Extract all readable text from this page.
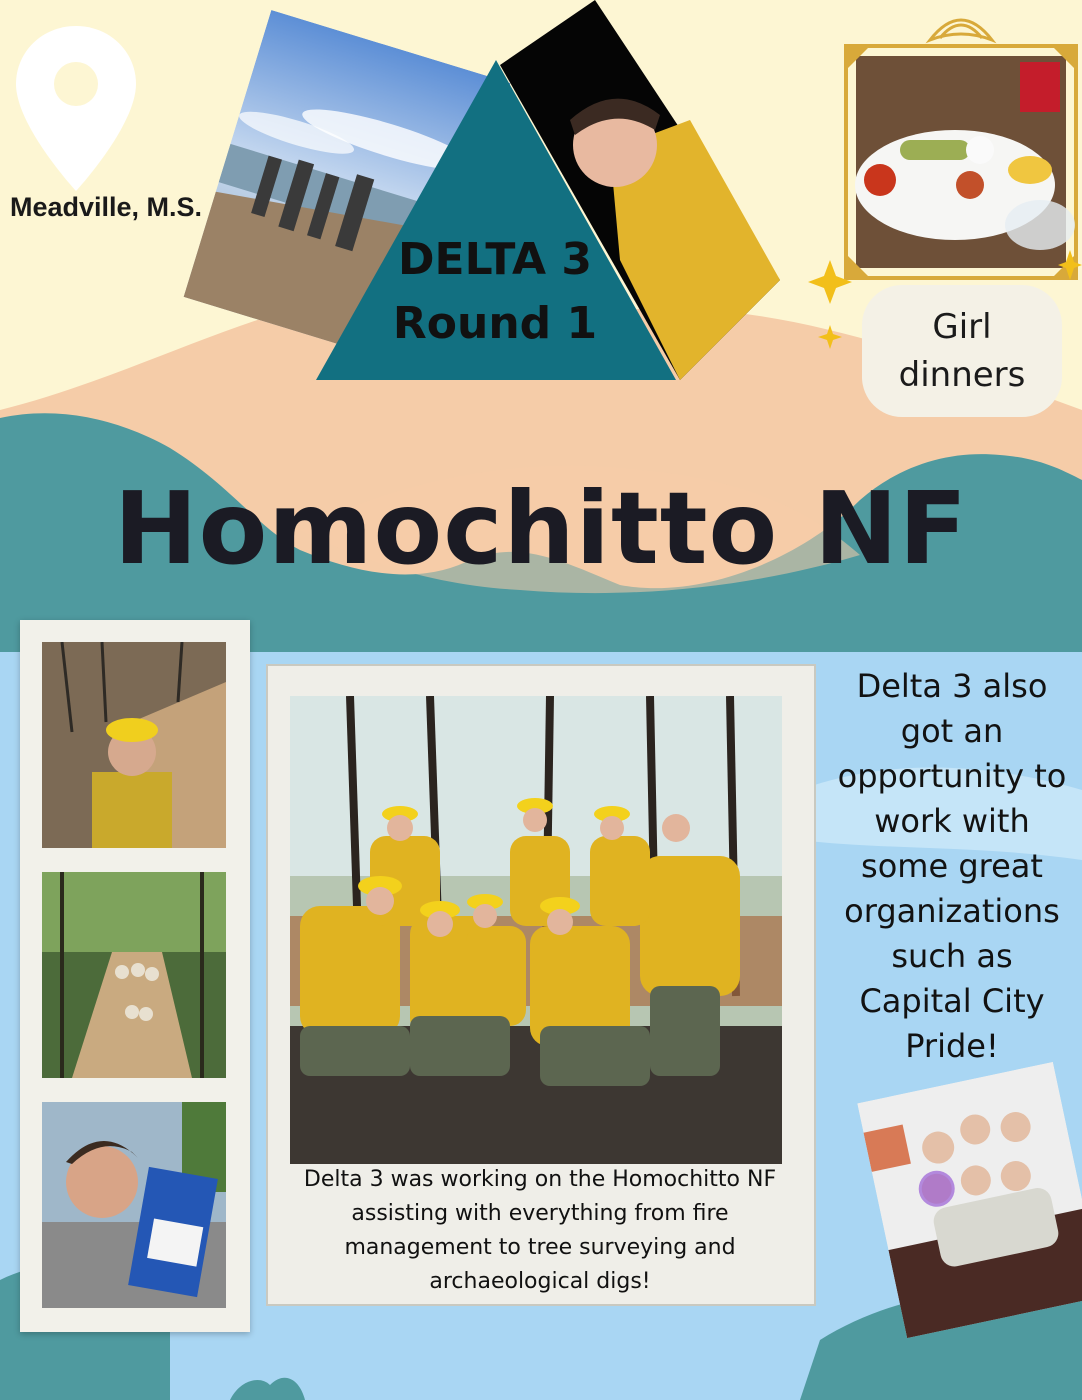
Meadville, M.S.
DELTA 3
Round 1	Girl
dinners
Homochitto NF
Delta 3 was working on the Homochitto NF assisting with everything from fire management to tree surveying and archaeological digs!
Delta 3 also got an opportunity to work with some great organizations such as Capital City Pride!
